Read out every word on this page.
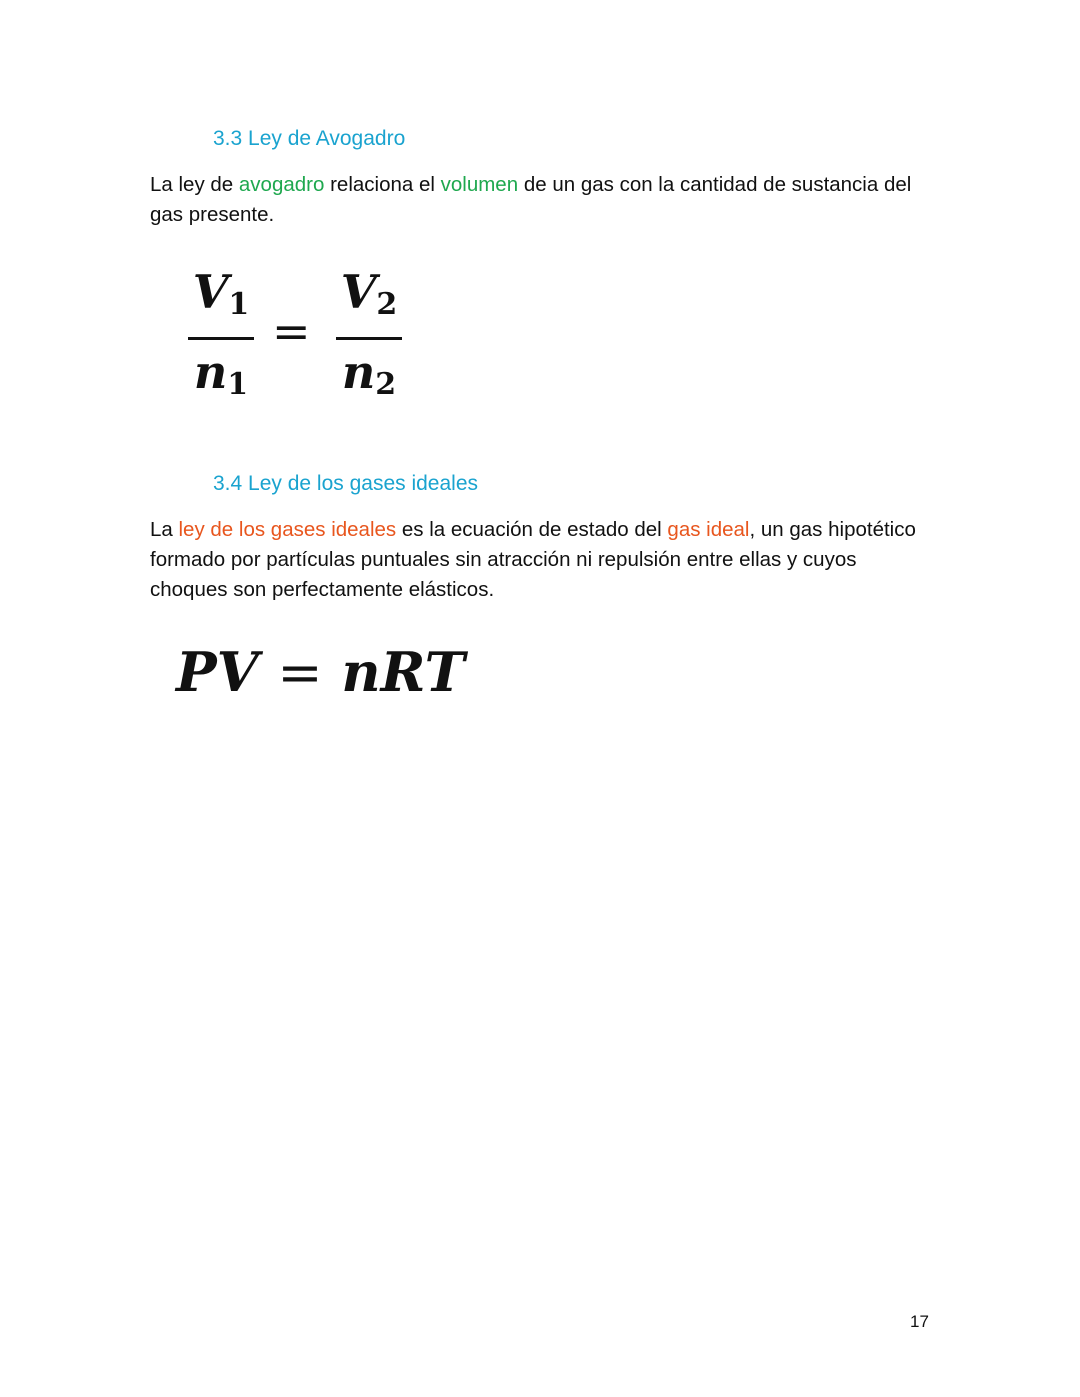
3.3 Ley de Avogadro
La ley de avogadro relaciona el volumen de un gas con la cantidad de sustancia del
gas presente.
$V_1$
$n_1$
=
$V_2$
$n_2$
3.4 Ley de los gases ideales
La ley de los gases ideales es la ecuación de estado del gas ideal, un gas hipotético
formado por partículas puntuales sin atracción ni repulsión entre ellas y cuyos
choques son perfectamente elásticos.
PV = nRT
17
